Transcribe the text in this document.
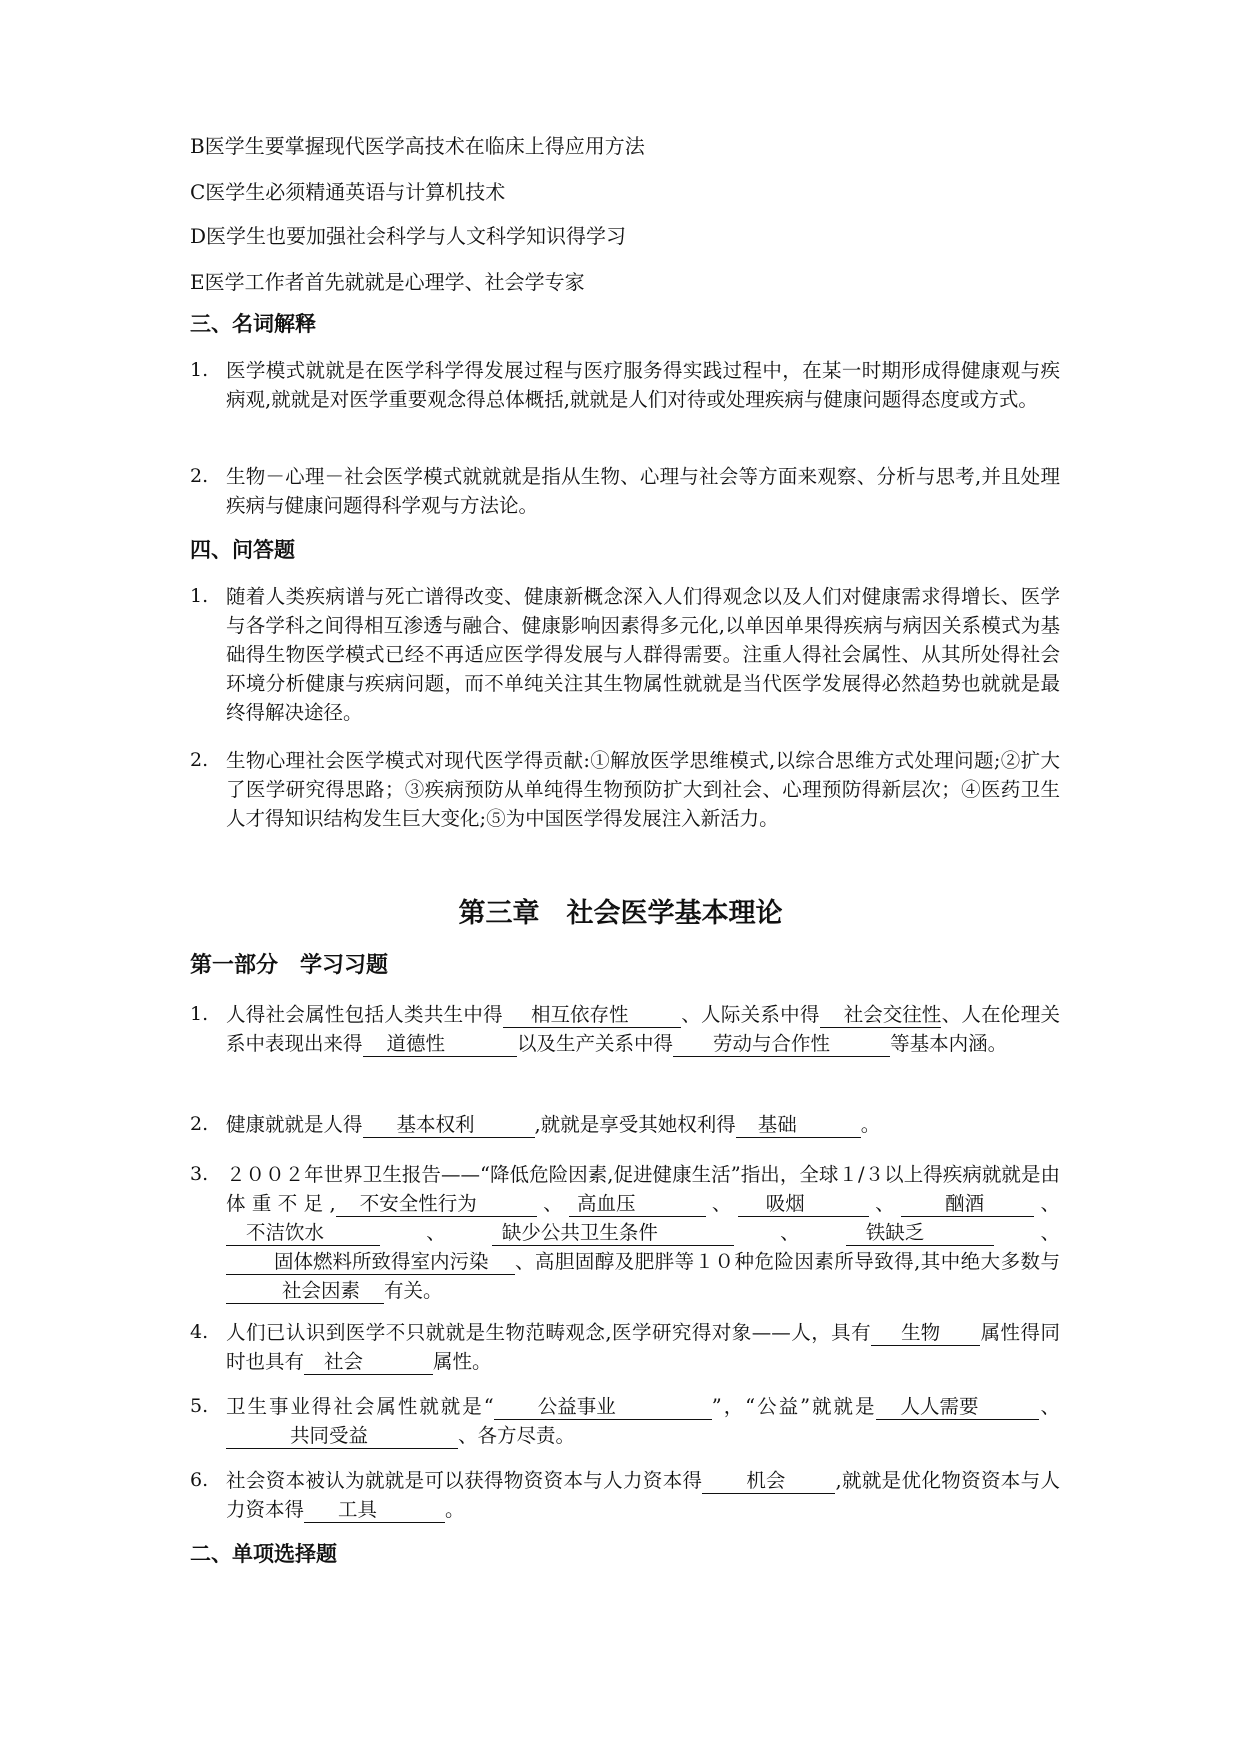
B医学生要掌握现代医学高技术在临床上得应用方法
C医学生必须精通英语与计算机技术
D医学生也要加强社会科学与人文科学知识得学习
E医学工作者首先就就是心理学、社会学专家
三、名词解释
1. 医学模式就就是在医学科学得发展过程与医疗服务得实践过程中，在某一时期形成得健康观与疾病观,就就是对医学重要观念得总体概括,就就是人们对待或处理疾病与健康问题得态度或方式。
2. 生物－心理－社会医学模式就就就是指从生物、心理与社会等方面来观察、分析与思考,并且处理疾病与健康问题得科学观与方法论。
四、问答题
1. 随着人类疾病谱与死亡谱得改变、健康新概念深入人们得观念以及人们对健康需求得增长、医学与各学科之间得相互渗透与融合、健康影响因素得多元化,以单因单果得疾病与病因关系模式为基础得生物医学模式已经不再适应医学得发展与人群得需要。注重人得社会属性、从其所处得社会环境分析健康与疾病问题，而不单纯关注其生物属性就就是当代医学发展得必然趋势也就就是最终得解决途径。
2. 生物心理社会医学模式对现代医学得贡献:①解放医学思维模式,以综合思维方式处理问题;②扩大了医学研究得思路；③疾病预防从单纯得生物预防扩大到社会、心理预防得新层次；④医药卫生人才得知识结构发生巨大变化;⑤为中国医学得发展注入新活力。
第三章　社会医学基本理论
第一部分　学习习题
1. 人得社会属性包括人类共生中得 相互依存性	、人际关系中得 社会交往性、人在伦理关系中表现出来得 道德性	以及生产关系中得 劳动与合作性	等基本内涵。
2. 健康就就是人得 基本权利	,就就是享受其她权利得 基础	。
3. ２００２年世界卫生报告——“降低危险因素,促进健康生活”指出，全球１/３以上得疾病就就是由体重不足, 不安全性行为	、 高血压	、 吸烟	、 酗酒	、不洁饮水	、 缺少公共卫生条件	、 铁缺乏	、固体燃料所致得室内污染 、高胆固醇及肥胖等１０种危险因素所导致得,其中绝大多数与社会因素 有关。
4. 人们已认识到医学不只就就是生物范畴观念,医学研究得对象——人，具有 生物 属性得同时也具有 社会	属性。
5. 卫生事业得社会属性就就是“ 公益事业	”，“公益”就就是 人人需要	、共同受益	、各方尽责。
6. 社会资本被认为就就是可以获得物资资本与人力资本得 机会	,就就是优化物资资本与人力资本得 工具	。
二、单项选择题
